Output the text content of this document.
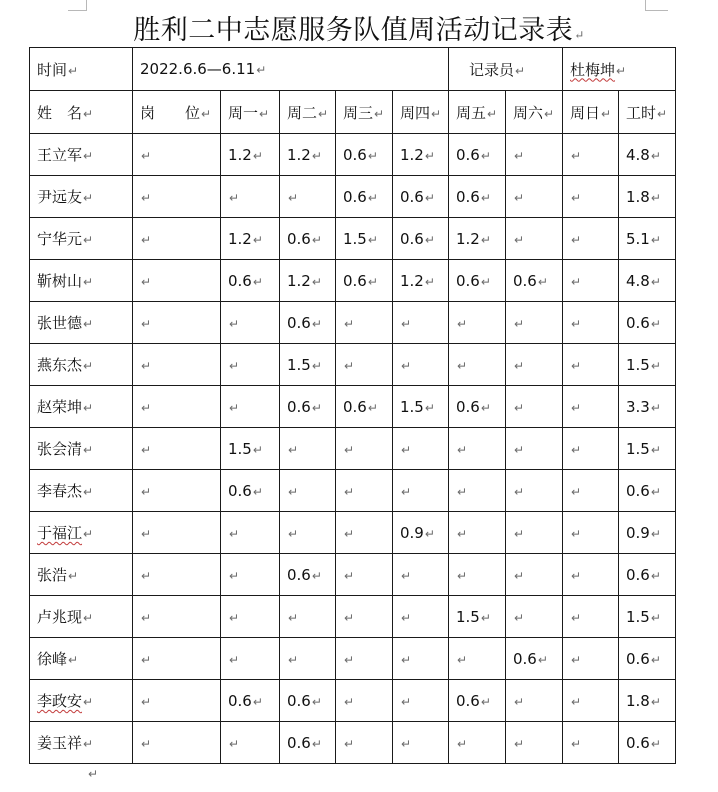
胜利二中志愿服务队值周活动记录表↵
时间↵	2022.6.6—6.11↵					记录员↵		杜梅坤↵	
姓　名↵	岗　　位↵	周一↵	周二↵	周三↵	周四↵	周五↵	周六↵	周日↵	工时↵
王立军↵	↵	1.2↵	1.2↵	0.6↵	1.2↵	0.6↵	↵	↵	4.8↵
尹远友↵	↵	↵	↵	0.6↵	0.6↵	0.6↵	↵	↵	1.8↵
宁华元↵	↵	1.2↵	0.6↵	1.5↵	0.6↵	1.2↵	↵	↵	5.1↵
靳树山↵	↵	0.6↵	1.2↵	0.6↵	1.2↵	0.6↵	0.6↵	↵	4.8↵
张世德↵	↵	↵	0.6↵	↵	↵	↵	↵	↵	0.6↵
燕东杰↵	↵	↵	1.5↵	↵	↵	↵	↵	↵	1.5↵
赵荣坤↵	↵	↵	0.6↵	0.6↵	1.5↵	0.6↵	↵	↵	3.3↵
张会清↵	↵	1.5↵	↵	↵	↵	↵	↵	↵	1.5↵
李春杰↵	↵	0.6↵	↵	↵	↵	↵	↵	↵	0.6↵
于福江↵	↵	↵	↵	↵	0.9↵	↵	↵	↵	0.9↵
张浩↵	↵	↵	0.6↵	↵	↵	↵	↵	↵	0.6↵
卢兆现↵	↵	↵	↵	↵	↵	1.5↵	↵	↵	1.5↵
徐峰↵	↵	↵	↵	↵	↵	↵	0.6↵	↵	0.6↵
李政安↵	↵	0.6↵	0.6↵	↵	↵	0.6↵	↵	↵	1.8↵
姜玉祥↵	↵	↵	0.6↵	↵	↵	↵	↵	↵	0.6↵
↵
